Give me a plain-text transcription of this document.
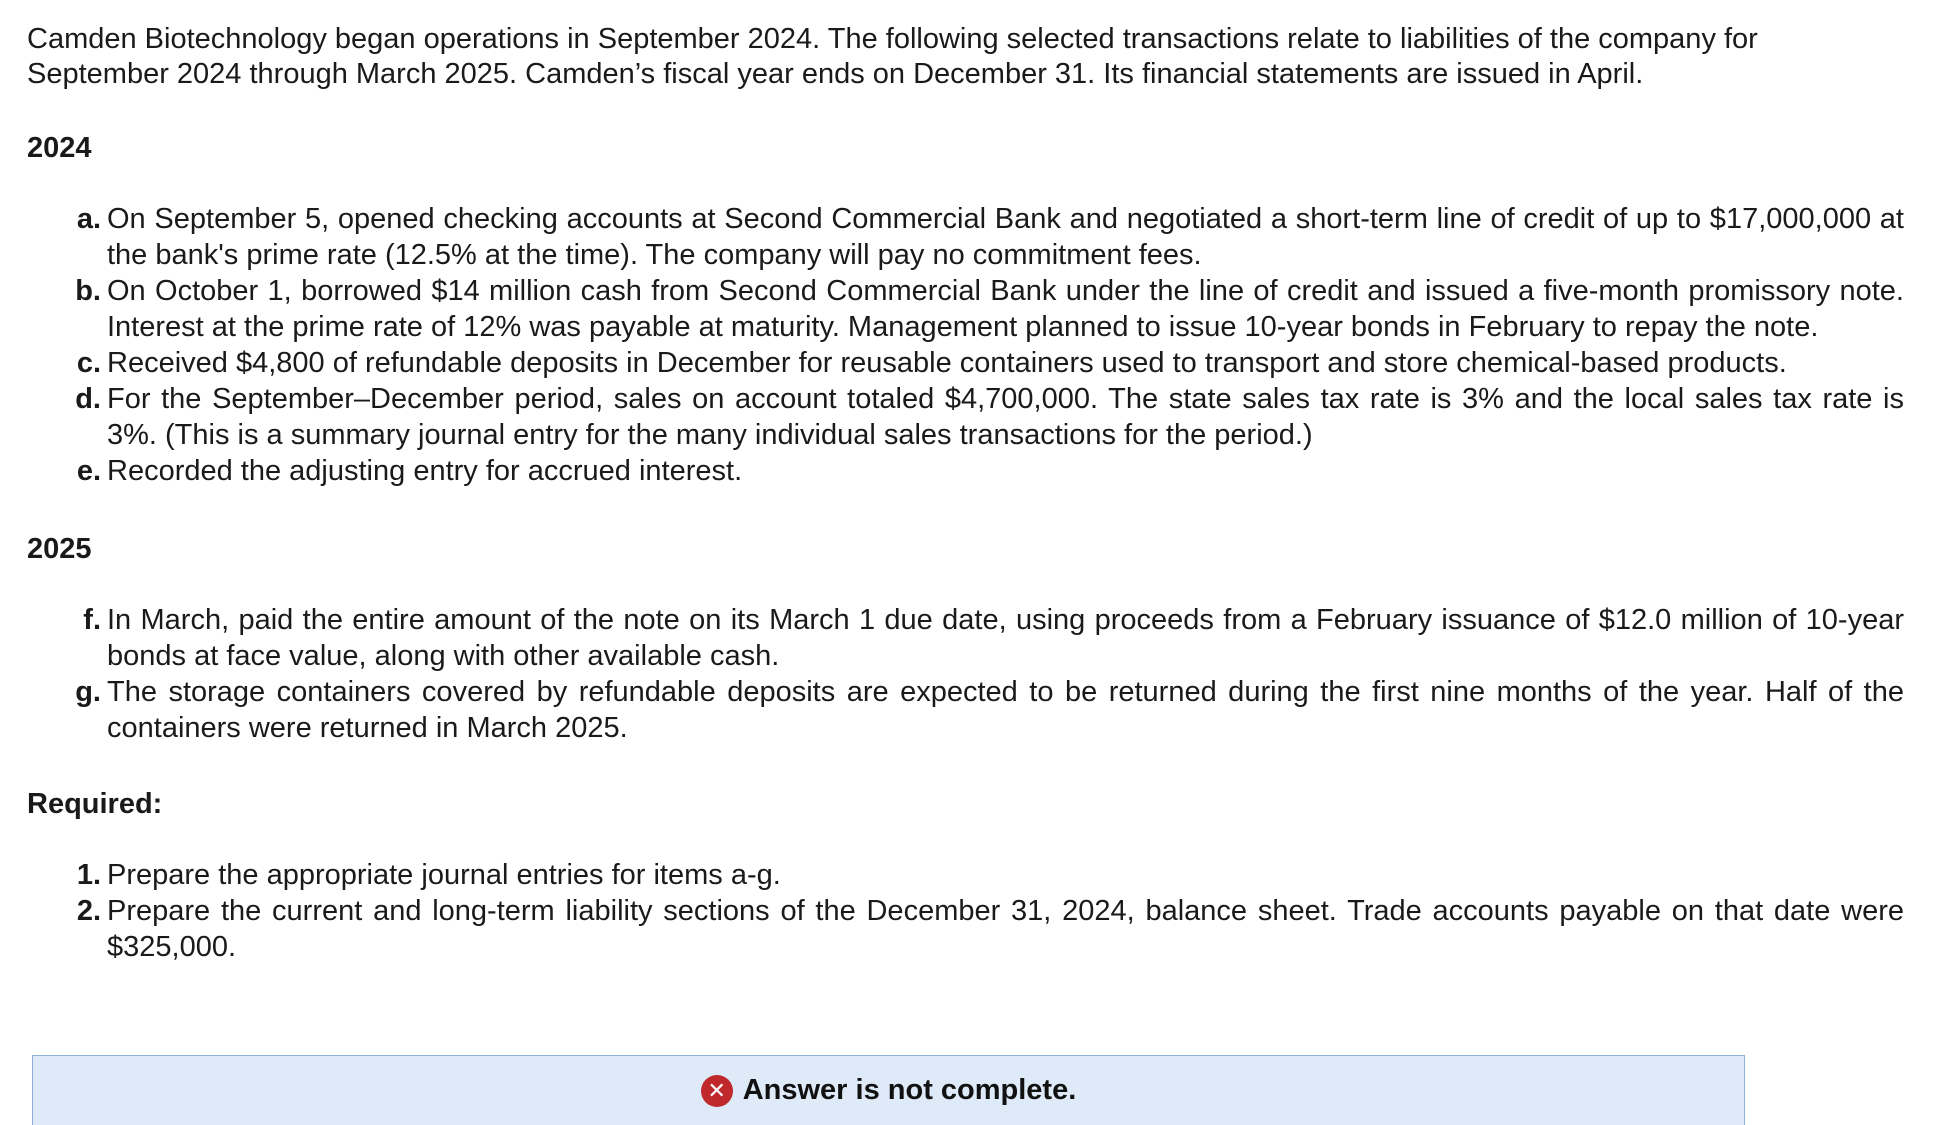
Camden Biotechnology began operations in September 2024. The following selected transactions relate to liabilities of the company for September 2024 through March 2025. Camden’s fiscal year ends on December 31. Its financial statements are issued in April.

2024
a. On September 5, opened checking accounts at Second Commercial Bank and negotiated a short-term line of credit of up to $17,000,000 at the bank's prime rate (12.5% at the time). The company will pay no commitment fees.
b. On October 1, borrowed $14 million cash from Second Commercial Bank under the line of credit and issued a five-month promissory note. Interest at the prime rate of 12% was payable at maturity. Management planned to issue 10-year bonds in February to repay the note.
c. Received $4,800 of refundable deposits in December for reusable containers used to transport and store chemical-based products.
d. For the September–December period, sales on account totaled $4,700,000. The state sales tax rate is 3% and the local sales tax rate is 3%. (This is a summary journal entry for the many individual sales transactions for the period.)
e. Recorded the adjusting entry for accrued interest.
2025
f. In March, paid the entire amount of the note on its March 1 due date, using proceeds from a February issuance of $12.0 million of 10-year bonds at face value, along with other available cash.
g. The storage containers covered by refundable deposits are expected to be returned during the first nine months of the year. Half of the containers were returned in March 2025.
Required:
1. Prepare the appropriate journal entries for items a-g.
2. Prepare the current and long-term liability sections of the December 31, 2024, balance sheet. Trade accounts payable on that date were $325,000.
✕ Answer is not complete.
